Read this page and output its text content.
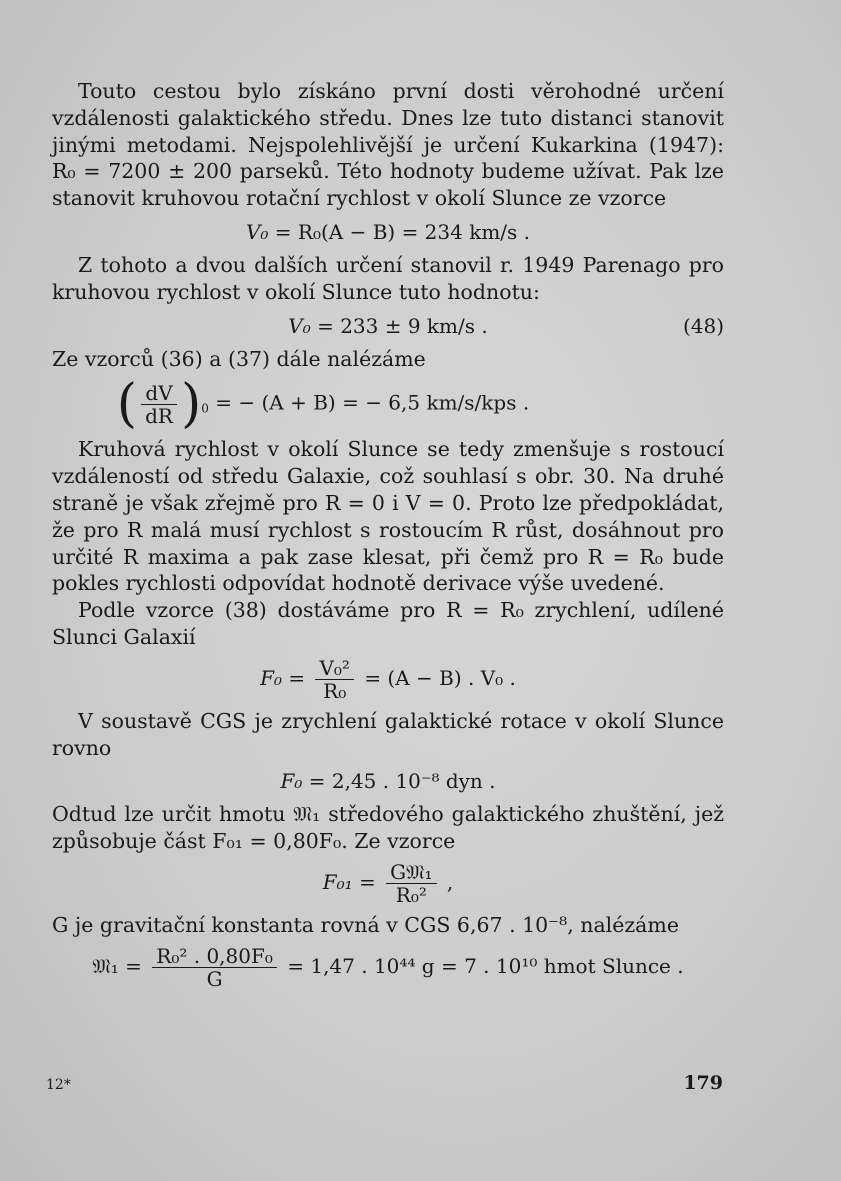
Touto cestou bylo získáno první dosti věrohodné určení vzdálenosti galaktického středu. Dnes lze tuto distanci stanovit jinými metodami. Nejspolehlivější je určení Kukarkina (1947): R₀ = 7200 ± 200 parseků. Této hodnoty budeme užívat. Pak lze stanovit kruhovou rotační rychlost v okolí Slunce ze vzorce

V₀ = R₀(A − B) = 234 km/s .

Z tohoto a dvou dalších určení stanovil r. 1949 Parenago pro kruhovou rychlost v okolí Slunce tuto hodnotu:

V₀ = 233 ± 9 km/s .	(48)

Ze vzorců (36) a (37) dále nalézáme

( $\frac{dV}{dR} )_0$ = − (A + B) = − 6,5 km/s/kps .

Kruhová rychlost v okolí Slunce se tedy zmenšuje s rostoucí vzdáleností od středu Galaxie, což souhlasí s obr. 30. Na druhé straně je však zřejmě pro R = 0 i V = 0. Proto lze předpokládat, že pro R malá musí rychlost s rostoucím R růst, dosáhnout pro určité R maxima a pak zase klesat, při čemž pro R = R₀ bude pokles rychlosti odpovídat hodnotě derivace výše uvedené.

Podle vzorce (38) dostáváme pro R = R₀ zrychlení, udílené Slunci Galaxií

$F_0 = \frac{\text{V₀²}}{\text{R₀}} = (A - B)$ . V₀ .

V soustavě CGS je zrychlení galaktické rotace v okolí Slunce rovno

F₀ = 2,45 . 10⁻⁸ dyn .

Odtud lze určit hmotu 𝔐₁ středového galaktického zhuštění, jež způsobuje část F₀₁ = 0,80F₀. Ze vzorce

$F_{01} = \frac{\text{G𝔐₁}}{\text{R₀²}}$ ,

G je gravitační konstanta rovná v CGS 6,67 . 10⁻⁸, nalézáme

𝔐₁ = $\frac{\text{R₀² . 0,80F₀}}{G} = 1,47$ . 10⁴⁴ g = 7 . 10¹⁰ hmot Slunce .
12*	179
